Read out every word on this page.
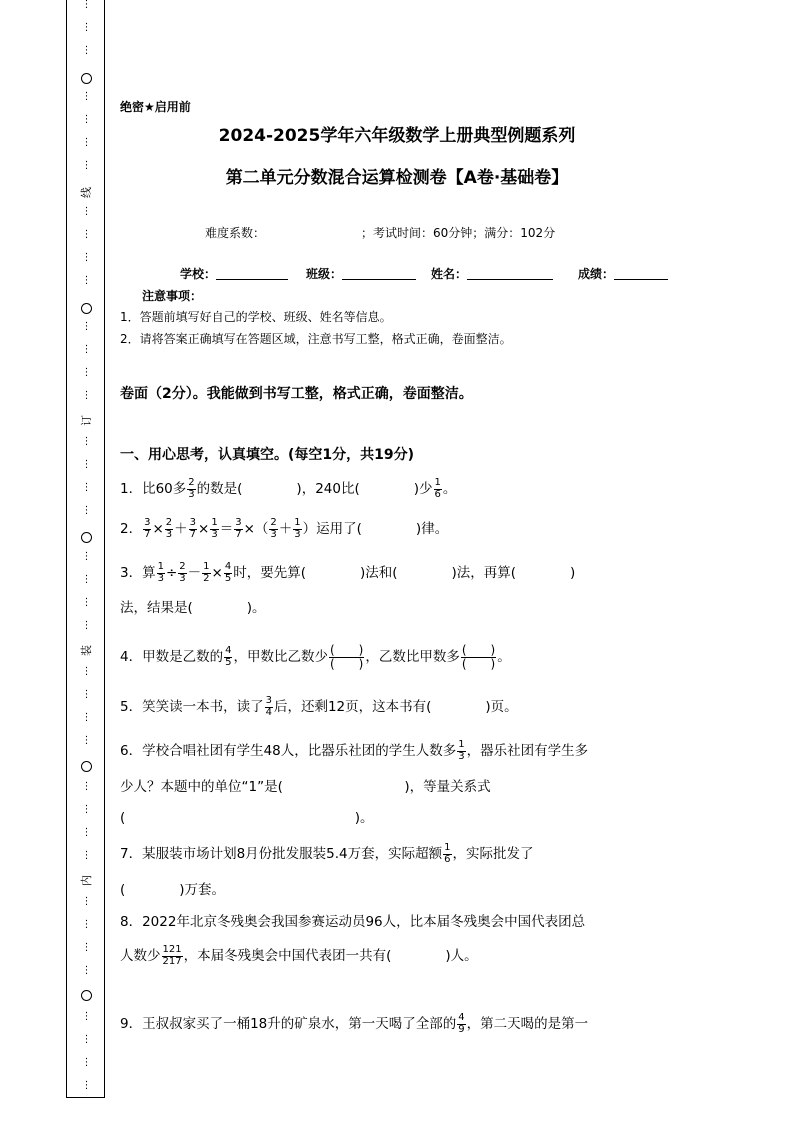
⋮
⋮
⋮
⋮
⋮
⋮
⋮
⋮
⋮
⋮
⋮
⋮
⋮
⋮
⋮
⋮
⋮
⋮
⋮
⋮
⋮
⋮
⋮
⋮
⋮
⋮
⋮
⋮
⋮
⋮
⋮
⋮
⋮
⋮
⋮
⋮
⋮
⋮
⋮
线
订
装
内
绝密★启用前
2024-2025学年六年级数学上册典型例题系列
第二单元分数混合运算检测卷【A卷·基础卷】
难度系数：	；考试时间：60分钟；满分：102分
学校：	班级：	姓名：	成绩：
注意事项：
1．答题前填写好自己的学校、班级、姓名等信息。
2．请将答案正确填写在答题区域，注意书写工整，格式正确，卷面整洁。
卷面（2分）。我能做到书写工整，格式正确，卷面整洁。
一、用心思考，认真填空。(每空1分，共19分)
1．比60多 $\frac{2}{3}$ 的数是(　　　　)，240比(　　　　)少 $\frac{1}{6}$ 。
2． $\frac{3}{7} \times \frac{2}{3} + \frac{3}{7} \times \frac{1}{3} = \frac{3}{7}$ ×（ $\frac{2}{3} + \frac{1}{3}$ ）运用了(　　　　)律。
3．算 $\frac{1}{3} \div \frac{2}{3} - \frac{1}{2} \times \frac{4}{5}$ 时，要先算(　　　　)法和(　　　　)法，再算(　　　　)
法，结果是(　　　　)。
4．甲数是乙数的 $\frac{4}{5}$ ，甲数比乙数少 $\frac{( )}{( )}$ ，乙数比甲数多 $\frac{( )}{( )}$ 。
5．笑笑读一本书，读了 $\frac{3}{4}$ 后，还剩12页，这本书有(　　　　)页。
6．学校合唱社团有学生48人，比器乐社团的学生人数多 $\frac{1}{3}$ ，器乐社团有学生多
少人？本题中的单位“1”是(　　　　　　　　　)，等量关系式
(　　　　　　　　　　　　　　　　　)。
7．某服装市场计划8月份批发服装5.4万套，实际超额 $\frac{1}{6}$ ，实际批发了
(　　　　)万套。
8．2022年北京冬残奥会我国参赛运动员96人，比本届冬残奥会中国代表团总
人数少 $\frac{121}{217}$ ，本届冬残奥会中国代表团一共有(　　　　)人。
9．王叔叔家买了一桶18升的矿泉水，第一天喝了全部的 $\frac{4}{9}$ ，第二天喝的是第一
